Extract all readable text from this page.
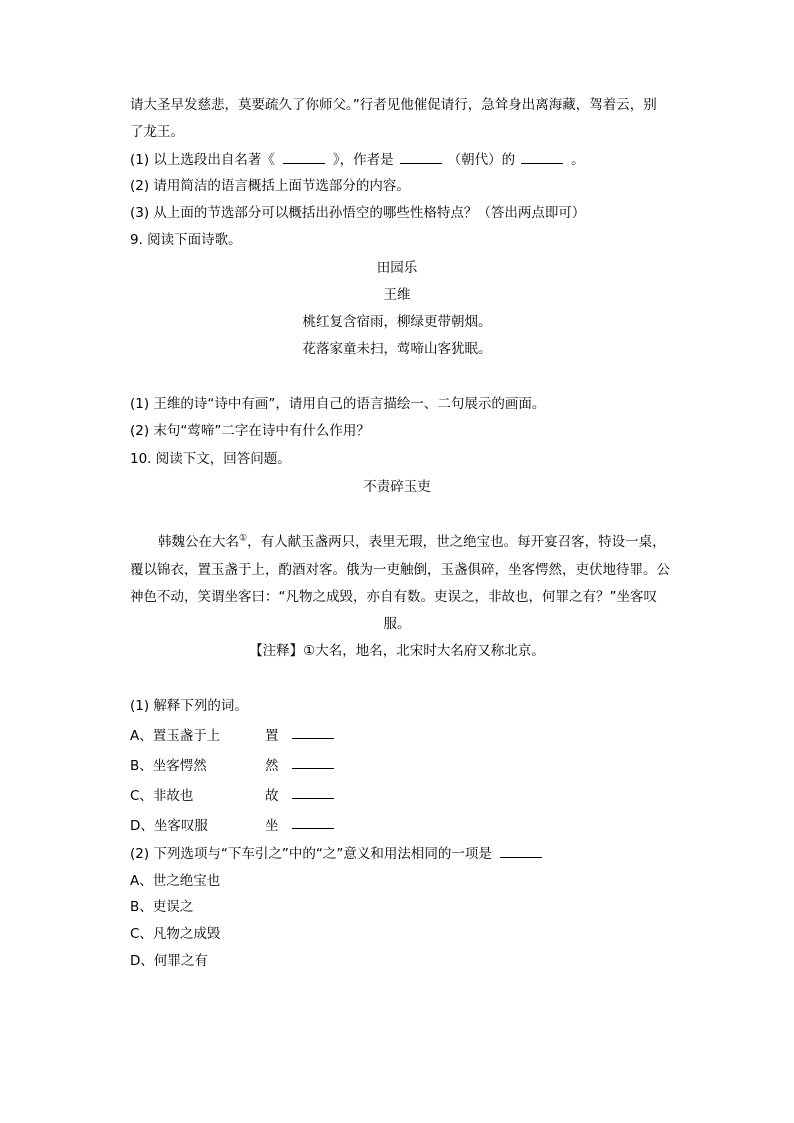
请大圣早发慈悲，莫要疏久了你师父。”行者见他催促请行，急耸身出离海藏，驾着云，别
了龙王。
(1) 以上选段出自名著《	》，作者是	（朝代）的	。
(2) 请用简洁的语言概括上面节选部分的内容。
(3) 从上面的节选部分可以概括出孙悟空的哪些性格特点？（答出两点即可）
9. 阅读下面诗歌。
田园乐
王维
桃红复含宿雨，柳绿更带朝烟。
花落家童未扫，莺啼山客犹眠。
(1) 王维的诗“诗中有画”，请用自己的语言描绘一、二句展示的画面。
(2) 末句“莺啼”二字在诗中有什么作用？
10. 阅读下文，回答问题。
不责碎玉吏
韩魏公在大名①，有人献玉盏两只，表里无瑕，世之绝宝也。每开宴召客，特设一桌，
覆以锦衣，置玉盏于上，酌酒对客。俄为一吏触倒，玉盏俱碎，坐客愕然，吏伏地待罪。公
神色不动，笑谓坐客曰：“凡物之成毁，亦自有数。吏误之，非故也，何罪之有？”坐客叹
服。
【注释】①大名，地名，北宋时大名府又称北京。
(1) 解释下列的词。
A、置玉盏于上	置
B、坐客愕然	然
C、非故也	故
D、坐客叹服	坐
(2) 下列选项与“下车引之”中的“之”意义和用法相同的一项是
A、世之绝宝也
B、吏误之
C、凡物之成毁
D、何罪之有
